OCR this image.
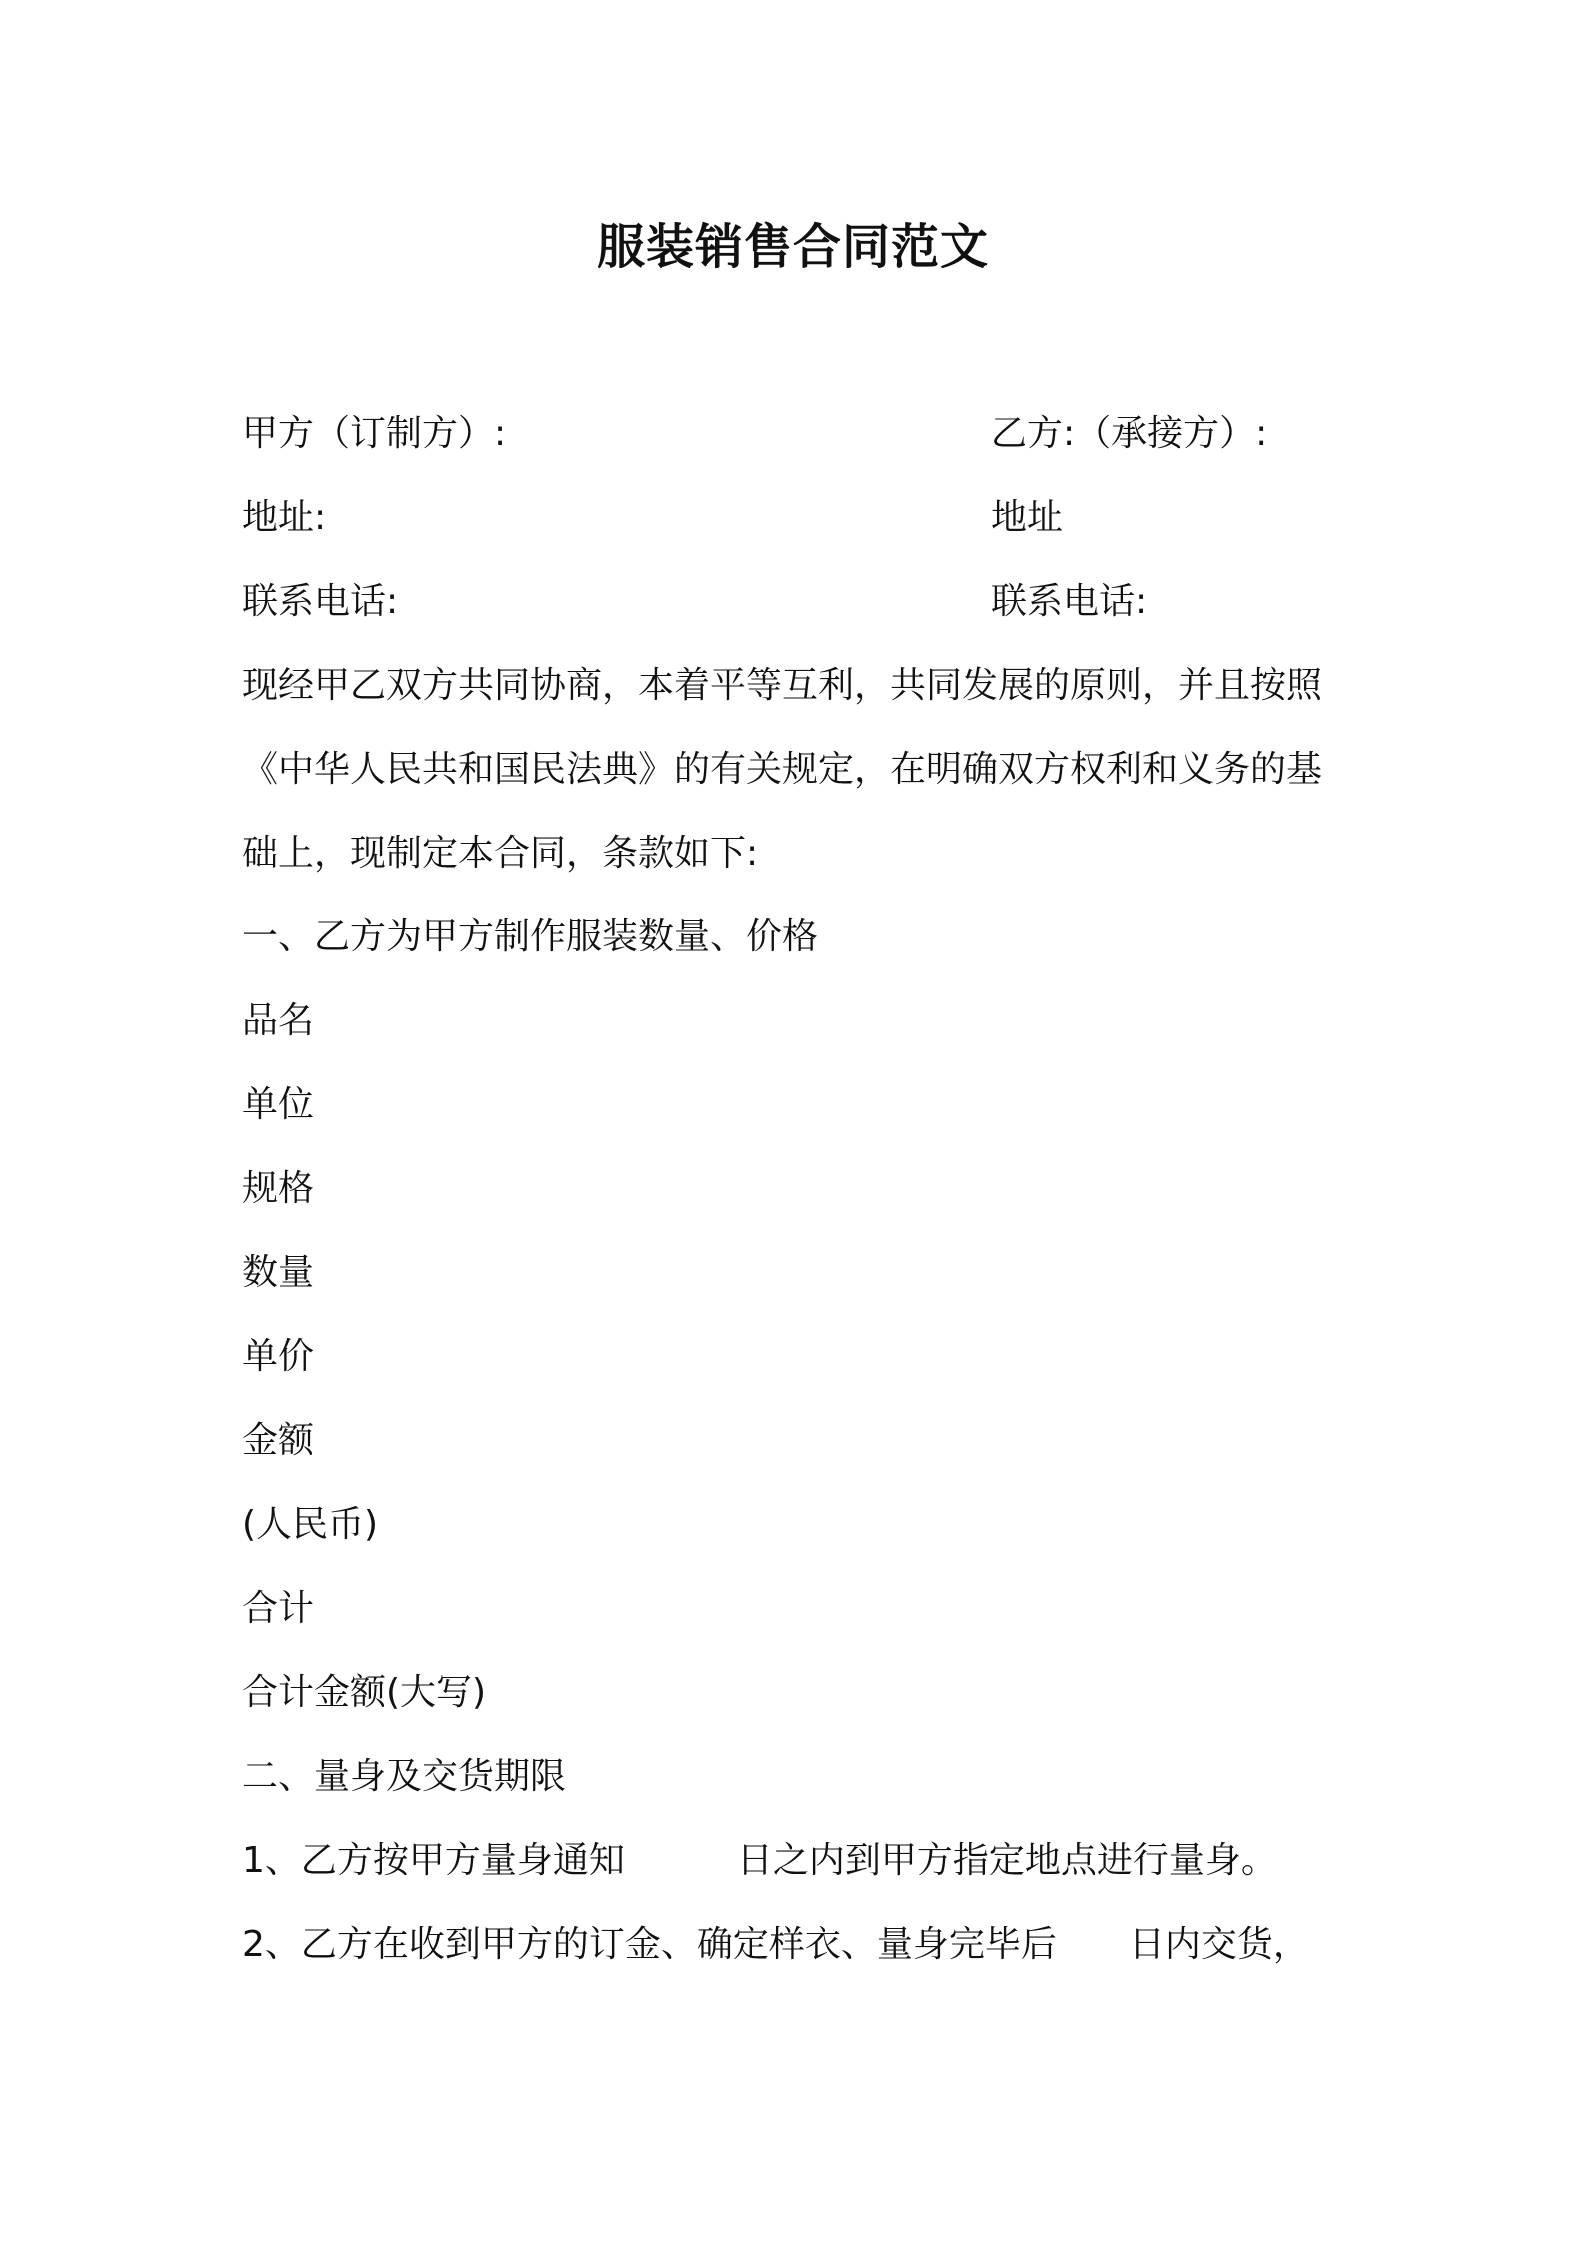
服装销售合同范文
甲方（订制方）:	乙方:（承接方）:
地址:	地址
联系电话:	联系电话:
现经甲乙双方共同协商，本着平等互利，共同发展的原则，并且按照
《中华人民共和国民法典》的有关规定，在明确双方权利和义务的基
础上，现制定本合同，条款如下:
一、乙方为甲方制作服装数量、价格
品名
单位
规格
数量
单价
金额
(人民币)
合计
合计金额(大写)
二、量身及交货期限
1、乙方按甲方量身通知	日之内到甲方指定地点进行量身。
2、乙方在收到甲方的订金、确定样衣、量身完毕后 日内交货，
